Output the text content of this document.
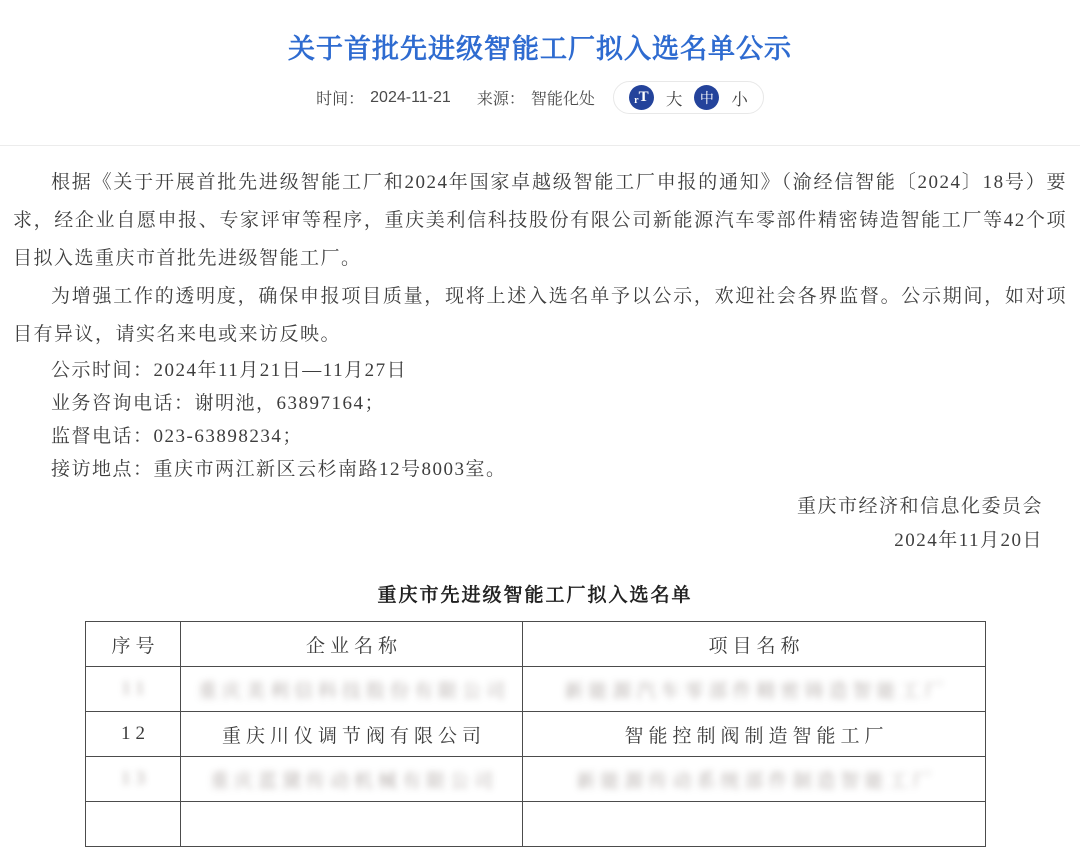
关于首批先进级智能工厂拟入选名单公示
时间： 2024-11-21 来源： 智能化处	rT 大	中	小

根据《关于开展首批先进级智能工厂和2024年国家卓越级智能工厂申报的通知》（渝经信智能〔2024〕18号）要求，经企业自愿申报、专家评审等程序，重庆美利信科技股份有限公司新能源汽车零部件精密铸造智能工厂等42个项目拟入选重庆市首批先进级智能工厂。

为增强工作的透明度，确保申报项目质量，现将上述入选名单予以公示，欢迎社会各界监督。公示期间，如对项目有异议，请实名来电或来访反映。

公示时间：2024年11月21日—11月27日

业务咨询电话：谢明池，63897164；

监督电话：023-63898234；

接访地点：重庆市两江新区云杉南路12号8003室。

重庆市经济和信息化委员会
2024年11月20日
重庆市先进级智能工厂拟入选名单
序号	企业名称	项目名称
11	重庆美利信科技股份有限公司	新能源汽车零部件精密铸造智能工厂
12	重庆川仪调节阀有限公司	智能控制阀制造智能工厂
13	重庆蓝黛传动机械有限公司	新能源传动系统部件制造智能工厂
